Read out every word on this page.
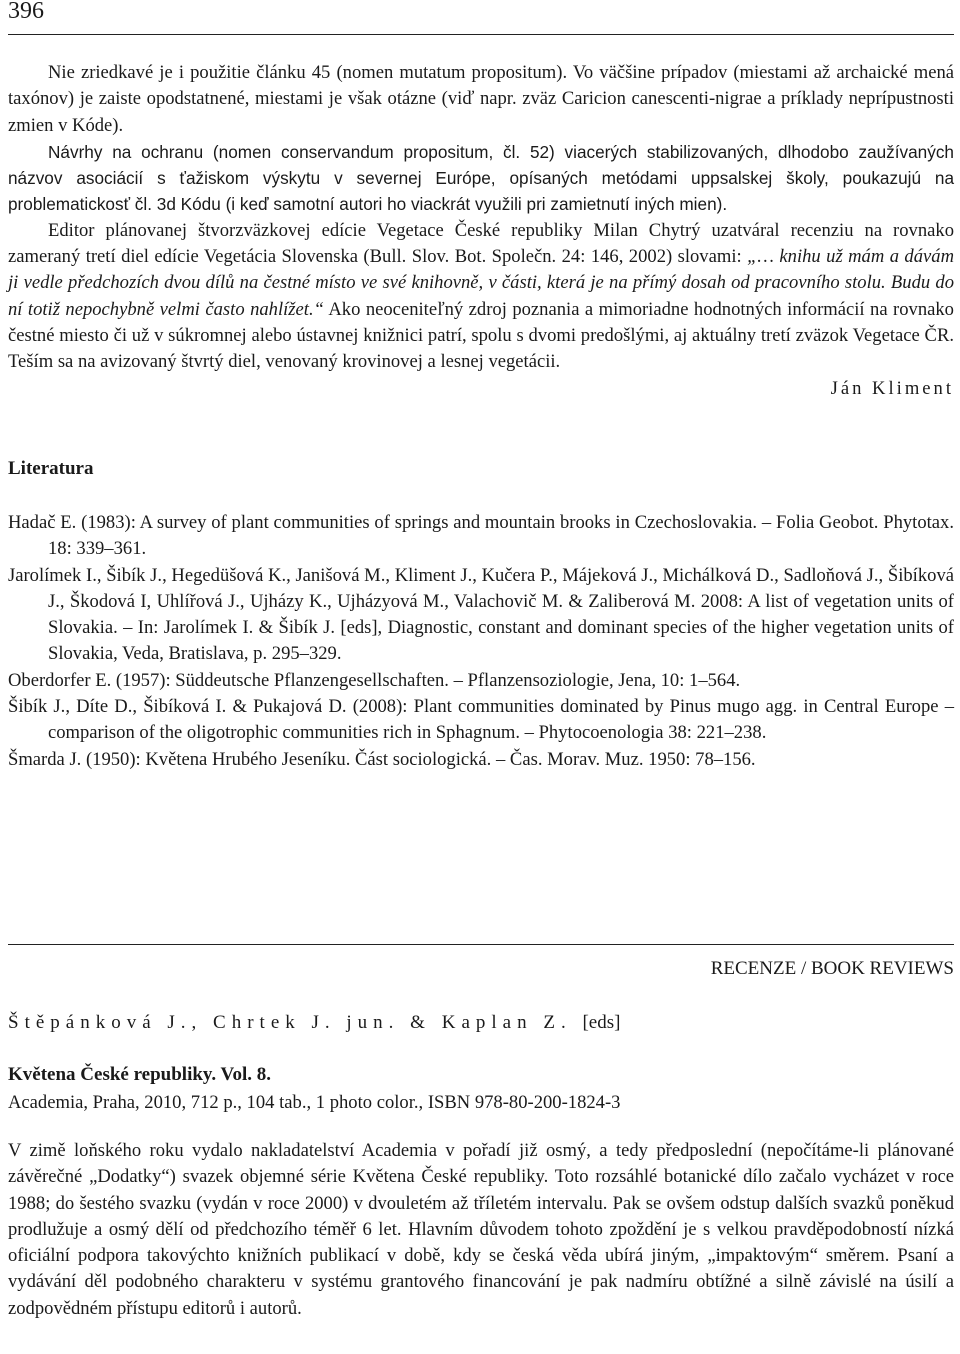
396

Nie zriedkavé je i použitie článku 45 (nomen mutatum propositum). Vo väčšine prípadov (miestami až archaické mená taxónov) je zaiste opodstatnené, miestami je však otázne (viď napr. zväz Caricion canescenti-nigrae a príklady neprípustnosti zmien v Kóde).

Návrhy na ochranu (nomen conservandum propositum, čl. 52) viacerých stabilizovaných, dlhodobo zaužívaných názvov asociácií s ťažiskom výskytu v severnej Európe, opísaných metódami uppsalskej školy, poukazujú na problematickosť čl. 3d Kódu (i keď samotní autori ho viackrát využili pri zamietnutí iných mien).

Editor plánovanej štvorzväzkovej edície Vegetace České republiky Milan Chytrý uzatváral recenziu na rovnako zameraný tretí diel edície Vegetácia Slovenska (Bull. Slov. Bot. Společn. 24: 146, 2002) slovami: „… knihu už mám a dávám ji vedle předchozích dvou dílů na čestné místo ve své knihovně, v části, která je na přímý dosah od pracovního stolu. Budu do ní totiž nepochybně velmi často nahlížet.“ Ako neoceniteľný zdroj poznania a mimoriadne hodnotných informácií na rovnako čestné miesto či už v súkromnej alebo ústavnej knižnici patrí, spolu s dvomi predošlými, aj aktuálny tretí zväzok Vegetace ČR. Teším sa na avizovaný štvrtý diel, venovaný krovinovej a lesnej vegetácii.

Ján Kliment
Literatura

Hadač E. (1983): A survey of plant communities of springs and mountain brooks in Czechoslovakia. – Folia Geobot. Phytotax. 18: 339–361.

Jarolímek I., Šibík J., Hegedüšová K., Janišová M., Kliment J., Kučera P., Májeková J., Michálková D., Sadloňová J., Šibíková J., Škodová I, Uhlířová J., Ujházy K., Ujházyová M., Valachovič M. & Zaliberová M. 2008: A list of vegetation units of Slovakia. – In: Jarolímek I. & Šibík J. [eds], Diagnostic, constant and dominant species of the higher vegetation units of Slovakia, Veda, Bratislava, p. 295–329.

Oberdorfer E. (1957): Süddeutsche Pflanzengesellschaften. – Pflanzensoziologie, Jena, 10: 1–564.

Šibík J., Díte D., Šibíková I. & Pukajová D. (2008): Plant communities dominated by Pinus mugo agg. in Central Europe – comparison of the oligotrophic communities rich in Sphagnum. – Phytocoenologia 38: 221–238.

Šmarda J. (1950): Květena Hrubého Jeseníku. Část sociologická. – Čas. Morav. Muz. 1950: 78–156.

RECENZE / BOOK REVIEWS
Štěpánková J., Chrtek J. jun. & Kaplan Z. [eds]
Květena České republiky. Vol. 8.
Academia, Praha, 2010, 712 p., 104 tab., 1 photo color., ISBN 978-80-200-1824-3

V zimě loňského roku vydalo nakladatelství Academia v pořadí již osmý, a tedy předposlední (nepočítáme-li plánované závěrečné „Dodatky“) svazek objemné série Květena České republiky. Toto rozsáhlé botanické dílo začalo vycházet v roce 1988; do šestého svazku (vydán v roce 2000) v dvouletém až tříletém intervalu. Pak se ovšem odstup dalších svazků poněkud prodlužuje a osmý dělí od předchozího téměř 6 let. Hlavním důvodem tohoto zpoždění je s velkou pravděpodobností nízká oficiální podpora takovýchto knižních publikací v době, kdy se česká věda ubírá jiným, „impaktovým“ směrem. Psaní a vydávání děl podobného charakteru v systému grantového financování je pak nadmíru obtížné a silně závislé na úsilí a zodpovědném přístupu editorů i autorů.
